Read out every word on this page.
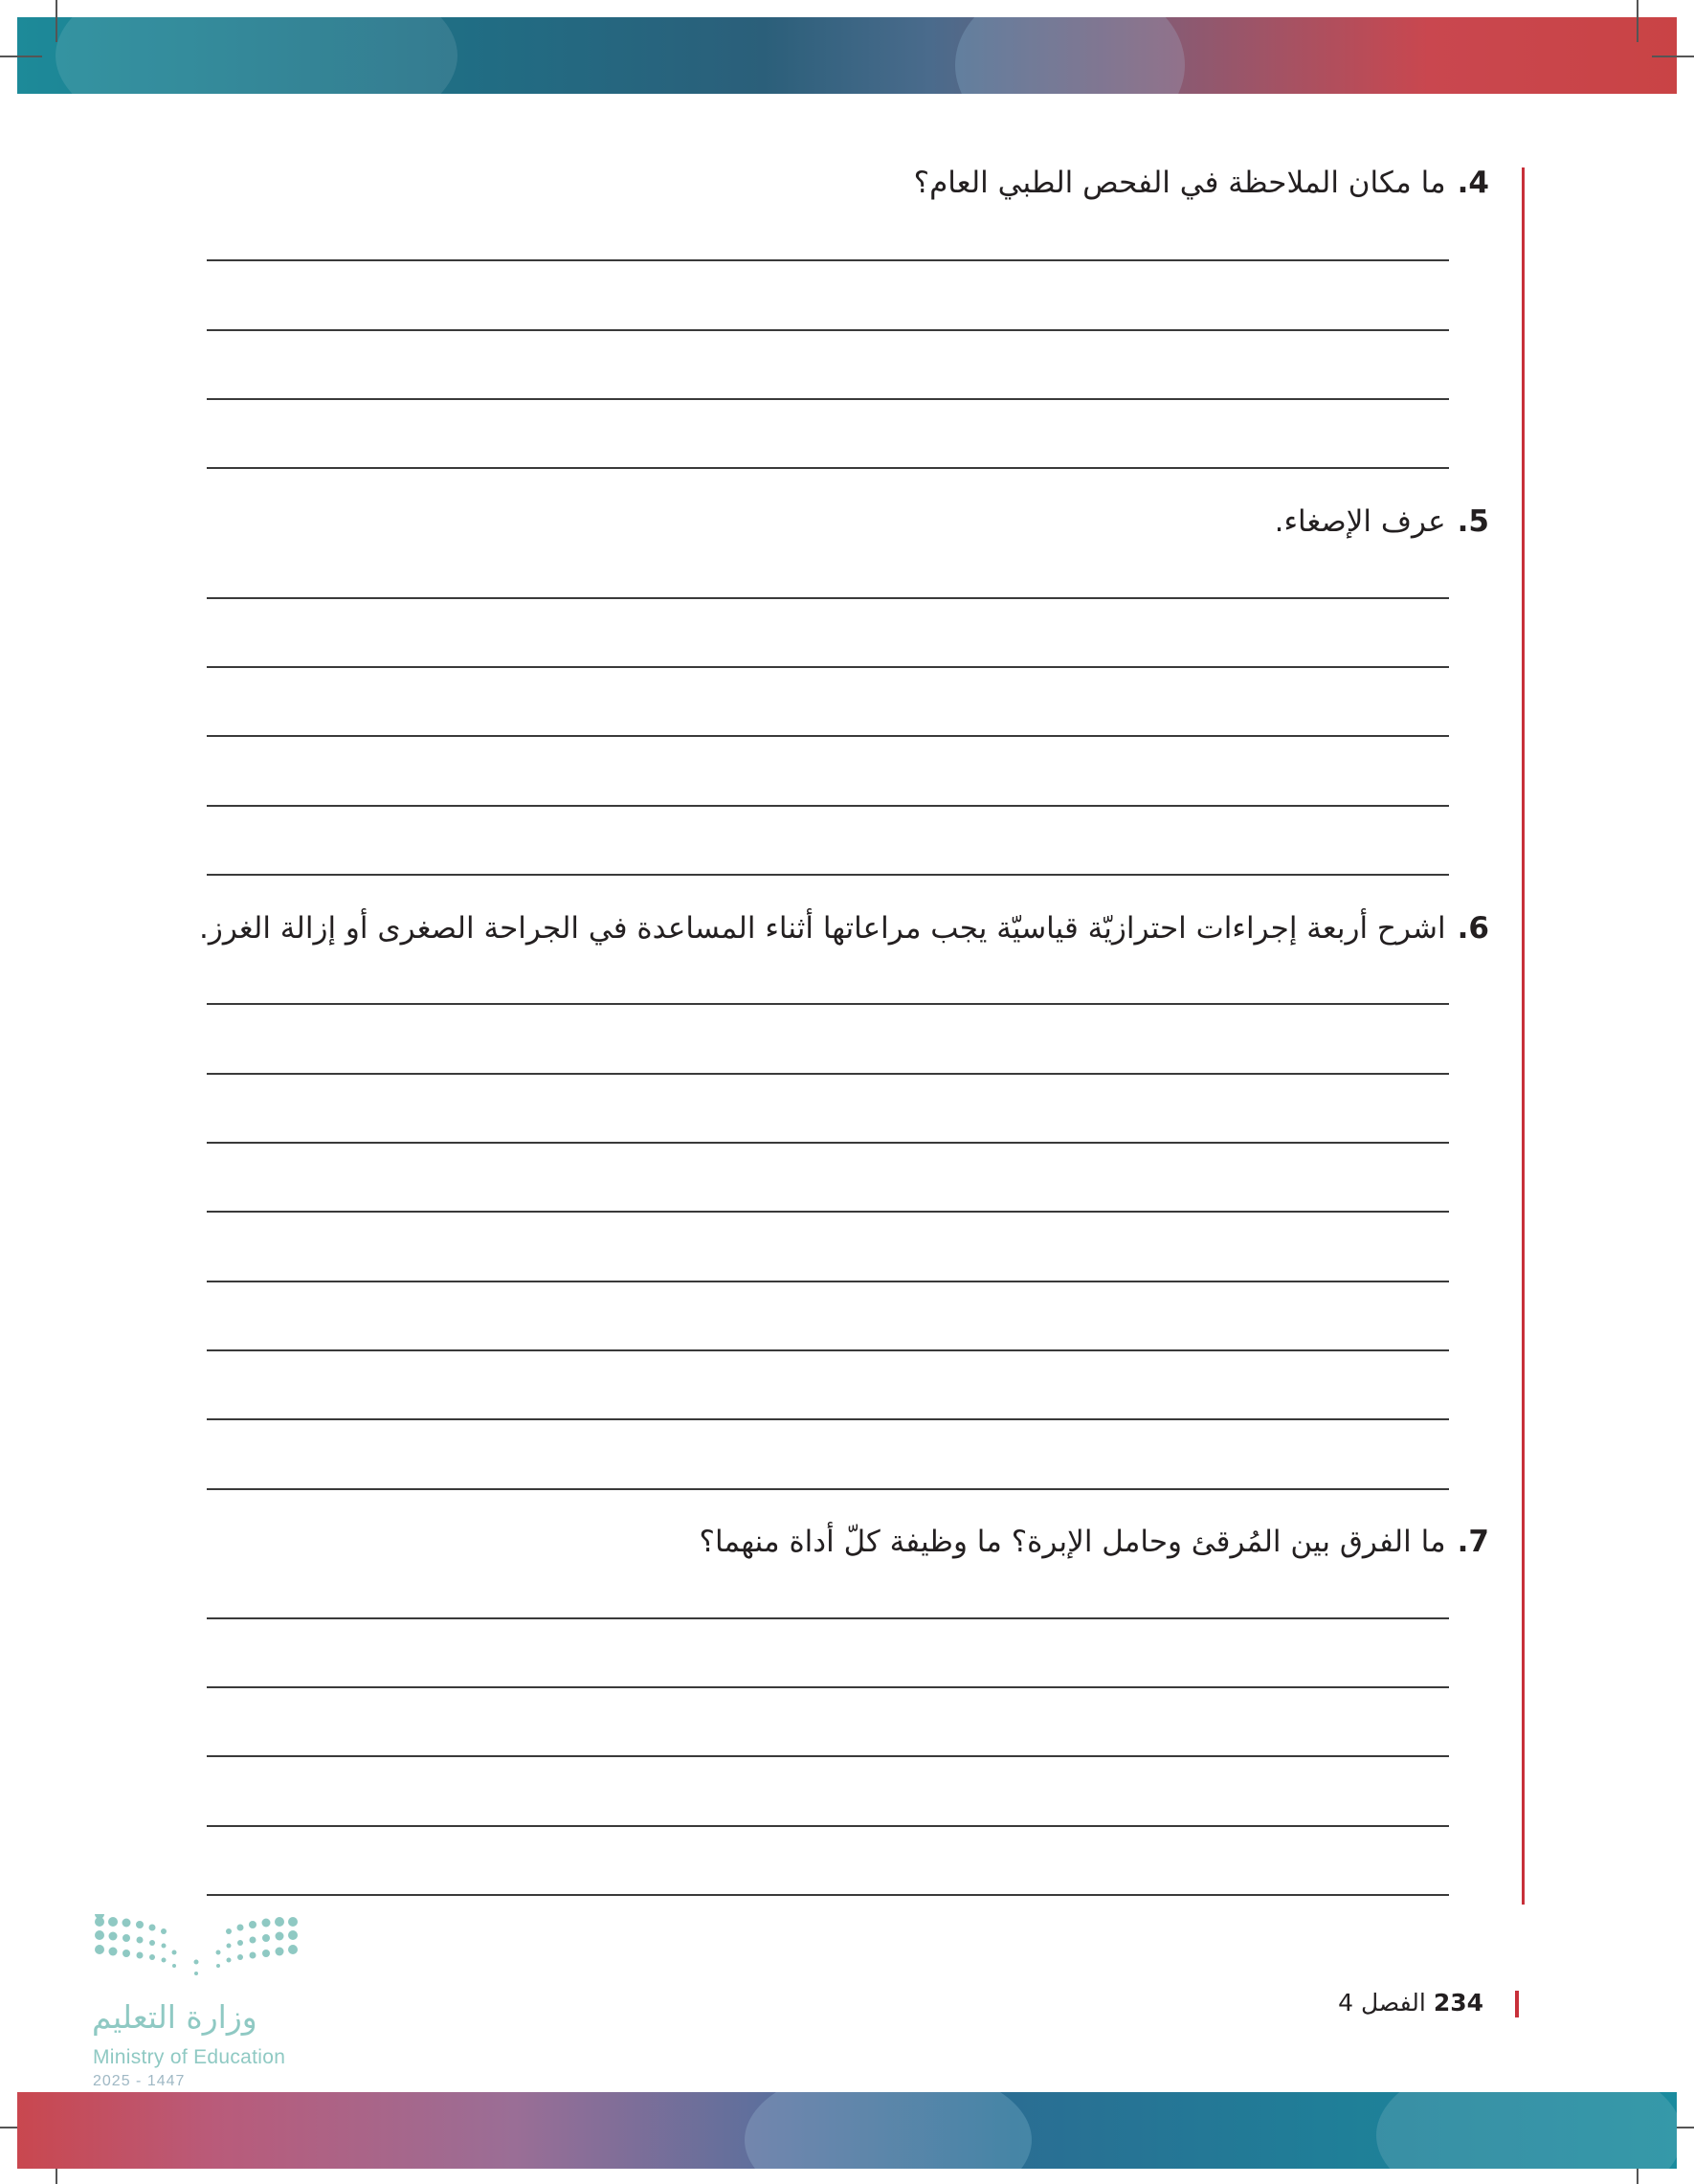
4.ما مكان الملاحظة في الفحص الطبي العام؟
5.عرف الإصغاء.
6.اشرح أربعة إجراءات احترازيّة قياسيّة يجب مراعاتها أثناء المساعدة في الجراحة الصغرى أو إزالة الغرز.
7.ما الفرق بين المُرقئ وحامل الإبرة؟ ما وظيفة كلّ أداة منهما؟
234الفصل 4
وزارة التعليم
Ministry of Education
2025 - 1447
